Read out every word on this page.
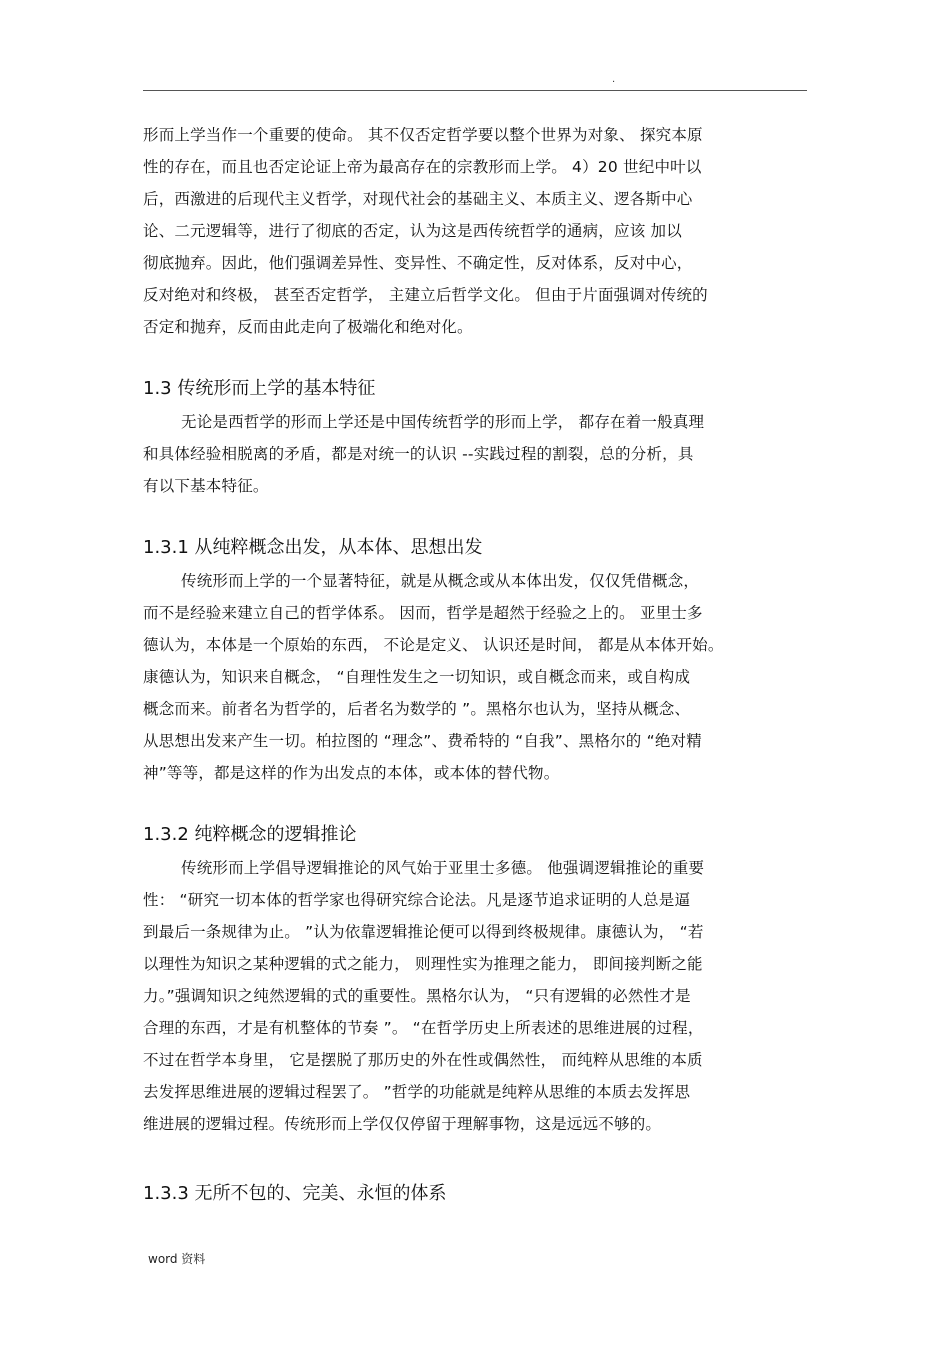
.
形而上学当作一个重要的使命。 其不仅否定哲学要以整个世界为对象、 探究本原
性的存在，而且也否定论证上帝为最高存在的宗教形而上学。 4）20 世纪中叶以
后，西激进的后现代主义哲学，对现代社会的基础主义、本质主义、逻各斯中心
论、二元逻辑等，进行了彻底的否定，认为这是西传统哲学的通病，应该 加以
彻底抛弃。因此，他们强调差异性、变异性、不确定性，反对体系，反对中心，
反对绝对和终极， 甚至否定哲学， 主建立后哲学文化。 但由于片面强调对传统的
否定和抛弃，反而由此走向了极端化和绝对化。
1.3 传统形而上学的基本特征
无论是西哲学的形而上学还是中国传统哲学的形而上学， 都存在着一般真理
和具体经验相脱离的矛盾，都是对统一的认识 --实践过程的割裂，总的分析，具
有以下基本特征。
1.3.1 从纯粹概念出发，从本体、思想出发
传统形而上学的一个显著特征，就是从概念或从本体出发，仅仅凭借概念，
而不是经验来建立自己的哲学体系。 因而，哲学是超然于经验之上的。 亚里士多
德认为，本体是一个原始的东西， 不论是定义、 认识还是时间， 都是从本体开始。
康德认为，知识来自概念， “自理性发生之一切知识，或自概念而来，或自构成
概念而来。前者名为哲学的，后者名为数学的 ”。黑格尔也认为，坚持从概念、
从思想出发来产生一切。柏拉图的 “理念”、费希特的 “自我”、黑格尔的 “绝对精
神”等等，都是这样的作为出发点的本体，或本体的替代物。
1.3.2 纯粹概念的逻辑推论
传统形而上学倡导逻辑推论的风气始于亚里士多德。 他强调逻辑推论的重要
性： “研究一切本体的哲学家也得研究综合论法。凡是逐节追求证明的人总是逼
到最后一条规律为止。 ”认为依靠逻辑推论便可以得到终极规律。康德认为， “若
以理性为知识之某种逻辑的式之能力， 则理性实为推理之能力， 即间接判断之能
力。”强调知识之纯然逻辑的式的重要性。黑格尔认为， “只有逻辑的必然性才是
合理的东西，才是有机整体的节奏 ”。 “在哲学历史上所表述的思维进展的过程，
不过在哲学本身里， 它是摆脱了那历史的外在性或偶然性， 而纯粹从思维的本质
去发挥思维进展的逻辑过程罢了。 ”哲学的功能就是纯粹从思维的本质去发挥思
维进展的逻辑过程。传统形而上学仅仅停留于理解事物，这是远远不够的。
1.3.3 无所不包的、完美、永恒的体系
word 资料
